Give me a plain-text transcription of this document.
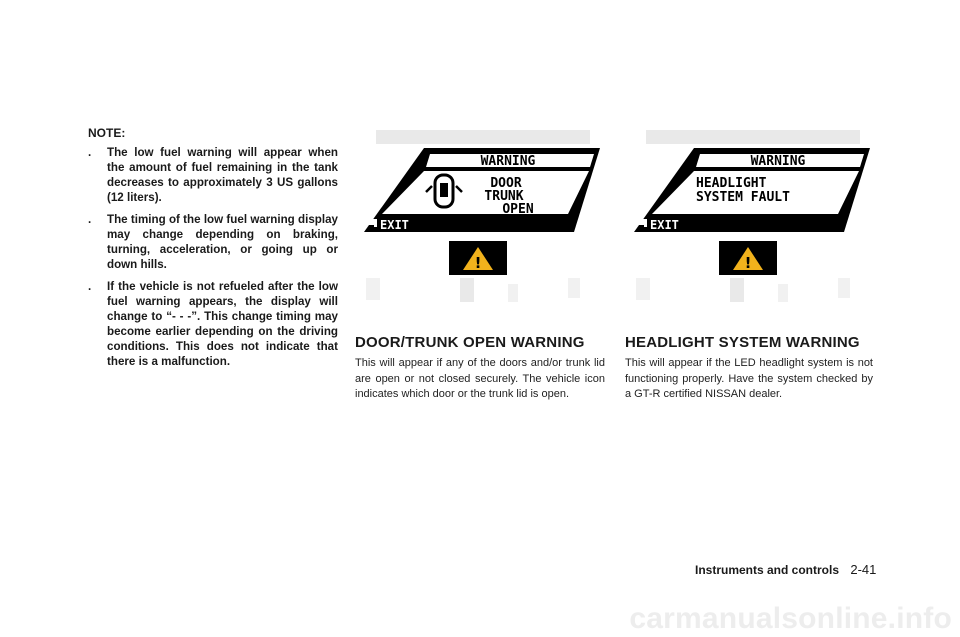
NOTE:

. The low fuel warning will appear when the amount of fuel remaining in the tank decreases to approximately 3 US gallons (12 liters).
. The timing of the low fuel warning display may change depending on braking, turning, acceleration, or going up or down hills.
. If the vehicle is not refueled after the low fuel warning appears, the display will change to “- - -”. This change timing may become earlier depending on the driving conditions. This does not indicate that there is a malfunction.
WARNING
DOOR
TRUNK
OPEN
EXIT
!
WARNING
HEADLIGHT
SYSTEM FAULT
EXIT
!
DOOR/TRUNK OPEN WARNING

This will appear if any of the doors and/or trunk lid are open or not closed securely. The vehicle icon indicates which door or the trunk lid is open.

HEADLIGHT SYSTEM WARNING

This will appear if the LED headlight system is not functioning properly. Have the system checked by a GT-R certified NISSAN dealer.

Instruments and controls 2-41
carmanualsonline.info
